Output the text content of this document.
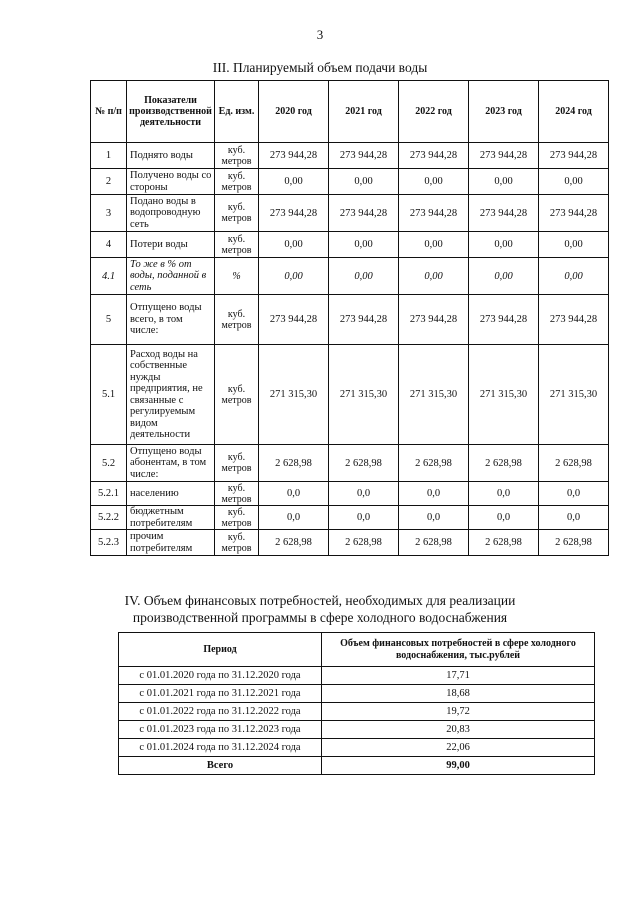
3
III. Планируемый объем подачи воды
№ п/п	Показатели производственной деятельности	Ед. изм.	2020 год	2021 год	2022 год	2023 год	2024 год
1	Поднято воды	куб. метров	273 944,28	273 944,28	273 944,28	273 944,28	273 944,28
2	Получено воды со стороны	куб. метров	0,00	0,00	0,00	0,00	0,00
3	Подано воды в водопроводную сеть	куб. метров	273 944,28	273 944,28	273 944,28	273 944,28	273 944,28
4	Потери воды	куб. метров	0,00	0,00	0,00	0,00	0,00
4.1	То же в % от воды, поданной в сеть	%	0,00	0,00	0,00	0,00	0,00
5	Отпущено воды всего, в том числе:	куб. метров	273 944,28	273 944,28	273 944,28	273 944,28	273 944,28
5.1	Расход воды на собственные нужды предприятия, не связанные с регулируемым видом деятельности	куб. метров	271 315,30	271 315,30	271 315,30	271 315,30	271 315,30
5.2	Отпущено воды абонентам, в том числе:	куб. метров	2 628,98	2 628,98	2 628,98	2 628,98	2 628,98
5.2.1	населению	куб. метров	0,0	0,0	0,0	0,0	0,0
5.2.2	бюджетным потребителям	куб. метров	0,0	0,0	0,0	0,0	0,0
5.2.3	прочим потребителям	куб. метров	2 628,98	2 628,98	2 628,98	2 628,98	2 628,98
IV. Объем финансовых потребностей, необходимых для реализации
производственной программы в сфере холодного водоснабжения
Период	Объем финансовых потребностей в сфере холодного водоснабжения, тыс.рублей
с 01.01.2020 года по 31.12.2020 года	17,71
с 01.01.2021 года по 31.12.2021 года	18,68
с 01.01.2022 года по 31.12.2022 года	19,72
с 01.01.2023 года по 31.12.2023 года	20,83
с 01.01.2024 года по 31.12.2024 года	22,06
Всего	99,00
